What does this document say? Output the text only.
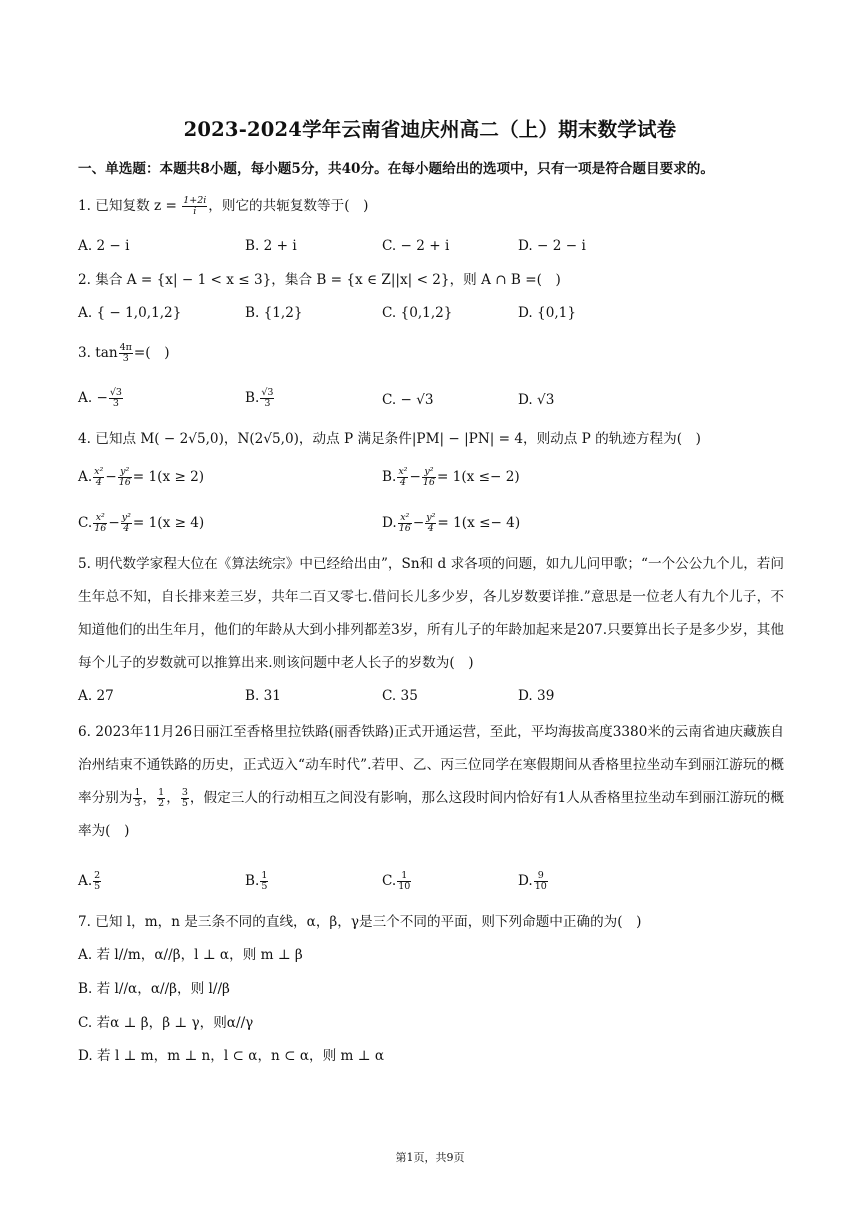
2023-2024学年云南省迪庆州高二（上）期末数学试卷
一、单选题：本题共8小题，每小题5分，共40分。在每小题给出的选项中，只有一项是符合题目要求的。
1. 已知复数 $z = \frac{1+2i}{i}$ ，则它的共轭复数等于(　)
A. 2 − i	B. 2 + i	C. − 2 + i	D. − 2 − i
2. 集合 A = {x| − 1 < x ≤ 3}，集合 B = {x ∈ Z||x| < 2}，则 A ∩ B =(　)
A. { − 1,0,1,2}	B. {1,2}	C. {0,1,2}	D. {0,1}
3. $\tan \frac{4\pi}{3}$ =(　)
A. − $\frac{√3}{3}$	B. $\frac{√3}{3}$	C. − √3	D. √3
4. 已知点 M( − 2√5,0)，N(2√5,0)，动点 P 满足条件|PM| − |PN| = 4，则动点 P 的轨迹方程为(　)
A. $\frac{\text{x²}}{4} - \frac{\text{y²}}{16} = 1(x \ge 2)$	B. $\frac{\text{x²}}{4} - \frac{\text{y²}}{16} = 1(x \le- 2)$
C. $\frac{\text{x²}}{16} - \frac{\text{y²}}{4} = 1(x \ge 4)$	D. $\frac{\text{x²}}{16} - \frac{\text{y²}}{4} = 1(x \le- 4)$
5. 明代数学家程大位在《算法统宗》中已经给出由”，Sn和 d 求各项的问题，如九儿问甲歌；“一个公公九个儿，若问生年总不知，自长排来差三岁，共年二百又零七.借问长儿多少岁，各儿岁数要详推.”意思是一位老人有九个儿子，不知道他们的出生年月，他们的年龄从大到小排列都差3岁，所有儿子的年龄加起来是207.只要算出长子是多少岁，其他每个儿子的岁数就可以推算出来.则该问题中老人长子的岁数为(　)
A. 27	B. 31	C. 35	D. 39
6. 2023年11月26日丽江至香格里拉铁路(丽香铁路)正式开通运营，至此，平均海拔高度3380米的云南省迪庆藏族自治州结束不通铁路的历史，正式迈入“动车时代”.若甲、乙、丙三位同学在寒假期间从香格里拉坐动车到丽江游玩的概率分别为 $\frac{1}{3}$ ， $\frac{1}{2}$ ， $\frac{3}{5}$ ，假定三人的行动相互之间没有影响，那么这段时间内恰好有1人从香格里拉坐动车到丽江游玩的概率为(　)
A. $\frac{2}{5}$	B. $\frac{1}{5}$	C. $\frac{1}{10}$	D. $\frac{9}{10}$
7. 已知 l，m，n 是三条不同的直线，α，β，γ是三个不同的平面，则下列命题中正确的为(　)
A. 若 l//m，α//β，l ⊥ α，则 m ⊥ β
B. 若 l//α，α//β，则 l//β
C. 若α ⊥ β，β ⊥ γ，则α//γ
D. 若 l ⊥ m，m ⊥ n，l ⊂ α，n ⊂ α，则 m ⊥ α
第1页，共9页
